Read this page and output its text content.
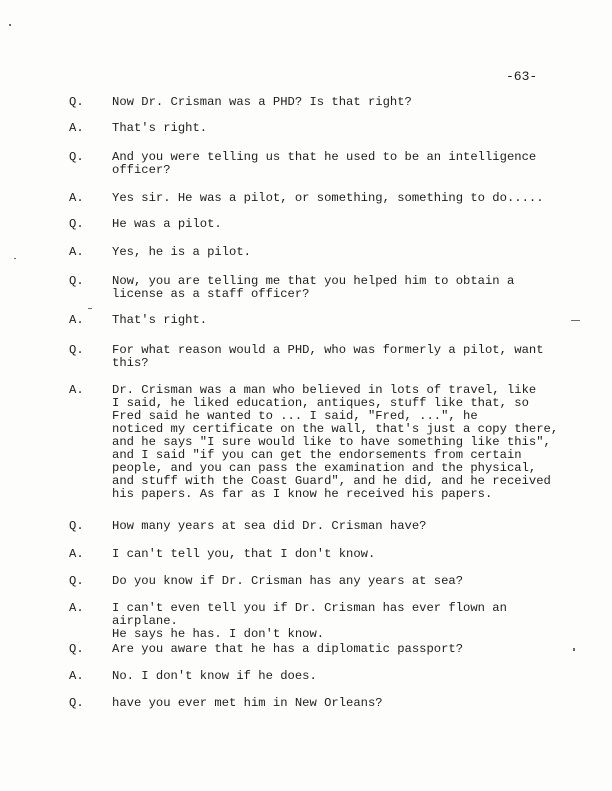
-63-
Q. Now Dr. Crisman was a PHD? Is that right?
A. That's right.
Q. And you were telling us that he used to be an intelligence
officer?
A. Yes sir. He was a pilot, or something, something to do.....
Q. He was a pilot.
A. Yes, he is a pilot.
Q. Now, you are telling me that you helped him to obtain a
license as a staff officer?
A. That's right.
Q. For what reason would a PHD, who was formerly a pilot, want
this?
A. Dr. Crisman was a man who believed in lots of travel, like
I said, he liked education, antiques, stuff like that, so
Fred said he wanted to ... I said, "Fred, ...", he
noticed my certificate on the wall, that's just a copy there,
and he says "I sure would like to have something like this",
and I said "if you can get the endorsements from certain
people, and you can pass the examination and the physical,
and stuff with the Coast Guard", and he did, and he received
his papers. As far as I know he received his papers.
Q. How many years at sea did Dr. Crisman have?
A. I can't tell you, that I don't know.
Q. Do you know if Dr. Crisman has any years at sea?
A. I can't even tell you if Dr. Crisman has ever flown an airplane.
He says he has. I don't know.
Q. Are you aware that he has a diplomatic passport?
A. No. I don't know if he does.
Q. have you ever met him in New Orleans?
